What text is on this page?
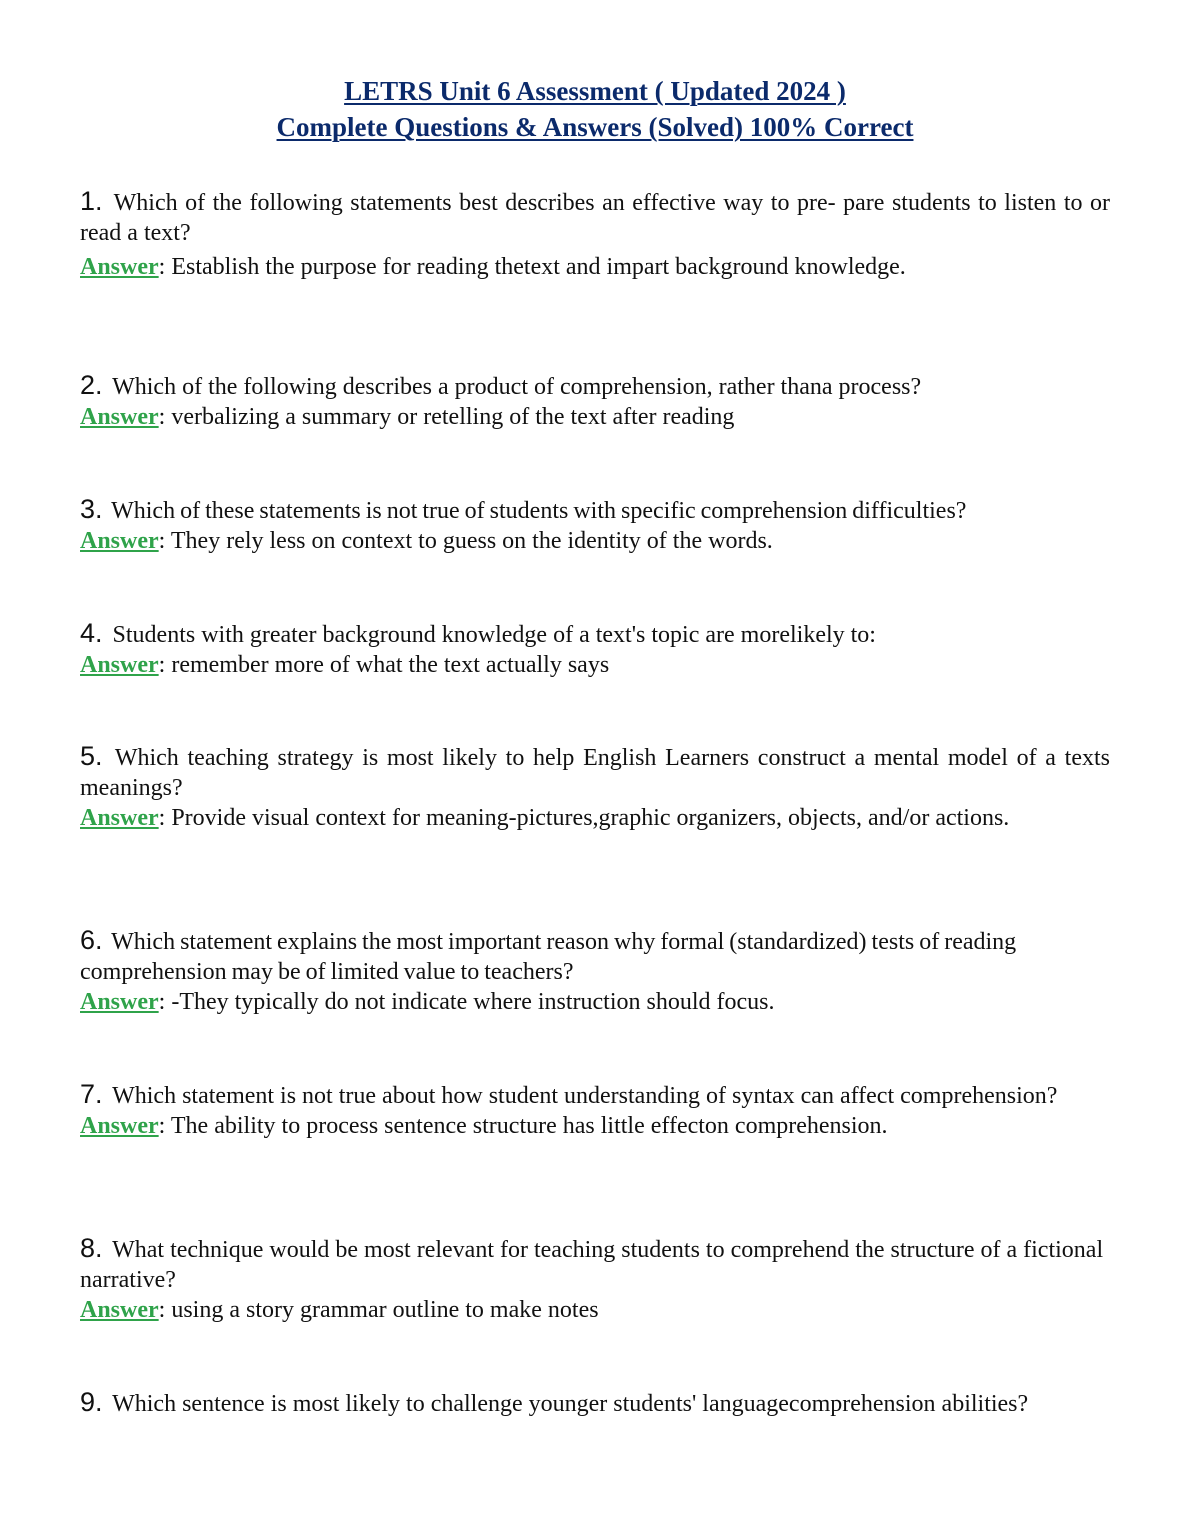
LETRS Unit 6 Assessment ( Updated 2024 )
Complete Questions & Answers (Solved) 100% Correct

1. Which of the following statements best describes an effective way to pre- pare students to listen to or read a text?

Answer: Establish the purpose for reading thetext and impart background knowledge.

2. Which of the following describes a product of comprehension, rather thana process?

Answer: verbalizing a summary or retelling of the text after reading

3. Which of these statements is not true of students with specific comprehension difficulties?

Answer: They rely less on context to guess on the identity of the words.

4. Students with greater background knowledge of a text's topic are morelikely to:

Answer: remember more of what the text actually says

5. Which teaching strategy is most likely to help English Learners construct a mental model of a texts meanings?

Answer: Provide visual context for meaning-pictures,graphic organizers, objects, and/or actions.

6. Which statement explains the most important reason why formal (standardized) tests of reading comprehension may be of limited value to teachers?

Answer: -They typically do not indicate where instruction should focus.

7. Which statement is not true about how student understanding of syntax can affect comprehension?

Answer: The ability to process sentence structure has little effecton comprehension.

8. What technique would be most relevant for teaching students to comprehend the structure of a fictional narrative?

Answer: using a story grammar outline to make notes

9. Which sentence is most likely to challenge younger students' languagecomprehension abilities?
